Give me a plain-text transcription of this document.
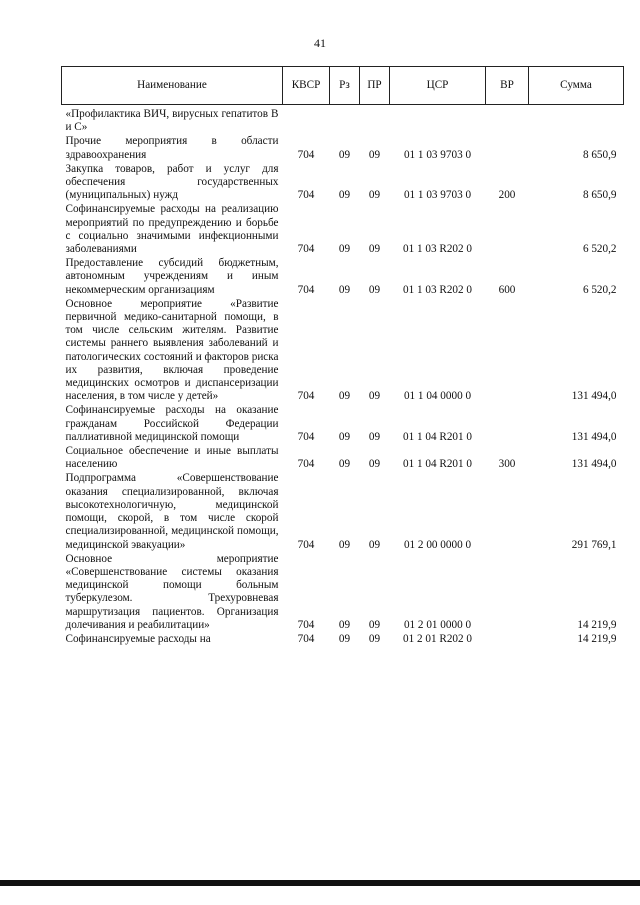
41
Наименование	КВСР	Рз	ПР	ЦСР	ВР	Сумма
«Профилактика ВИЧ, вирусных гепатитов В и С»						
Прочие мероприятия в области здравоохранения	704	09	09	01 1 03 9703 0		8 650,9
Закупка товаров, работ и услуг для обеспечения государственных (муниципальных) нужд	704	09	09	01 1 03 9703 0	200	8 650,9
Софинансируемые расходы на реализацию мероприятий по предупреждению и борьбе с социально значимыми инфекционными заболеваниями	704	09	09	01 1 03 R202 0		6 520,2
Предоставление субсидий бюджетным, автономным учреждениям и иным некоммерческим организациям	704	09	09	01 1 03 R202 0	600	6 520,2
Основное мероприятие «Развитие первичной медико-санитарной помощи, в том числе сельским жителям. Развитие системы раннего выявления заболеваний и патологических состояний и факторов риска их развития, включая проведение медицинских осмотров и диспансеризации населения, в том числе у детей»	704	09	09	01 1 04 0000 0		131 494,0
Софинансируемые расходы на оказание гражданам Российской Федерации паллиативной медицинской помощи	704	09	09	01 1 04 R201 0		131 494,0
Социальное обеспечение и иные выплаты населению	704	09	09	01 1 04 R201 0	300	131 494,0
Подпрограмма «Совершенствование оказания специализированной, включая высокотехнологичную, медицинской помощи, скорой, в том числе скорой специализированной, медицинской помощи, медицинской эвакуации»	704	09	09	01 2 00 0000 0		291 769,1
Основное мероприятие «Совершенствование системы оказания медицинской помощи больным туберкулезом. Трехуровневая маршрутизация пациентов. Организация долечивания и реабилитации»	704	09	09	01 2 01 0000 0		14 219,9
Софинансируемые расходы на	704	09	09	01 2 01 R202 0		14 219,9
